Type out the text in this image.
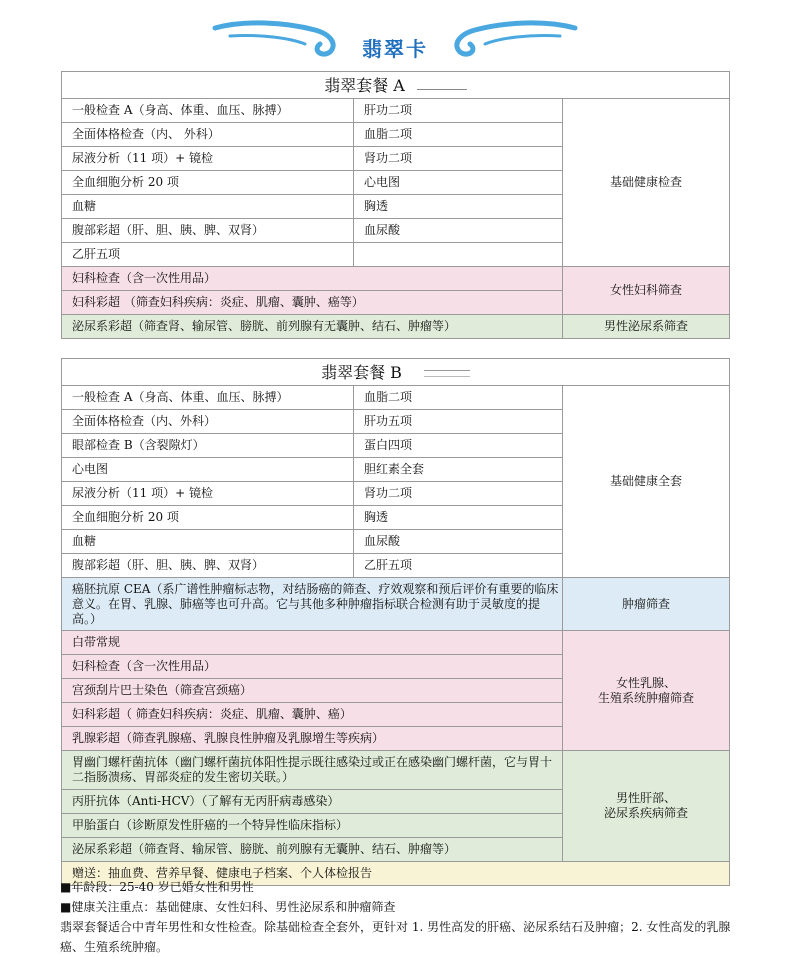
翡翠卡
翡翠套餐 A		
一般检查 A（身高、体重、血压、脉搏）	肝功二项	基础健康检查
全面体格检查（内、 外科）	血脂二项	
尿液分析（11 项）+ 镜检	肾功二项	
全血细胞分析 20 项	心电图	
血糖	胸透	
腹部彩超（肝、胆、胰、脾、双肾）	血尿酸	
乙肝五项		
妇科检查（含一次性用品）		女性妇科筛查
妇科彩超 （筛查妇科疾病：炎症、肌瘤、囊肿、癌等）		
泌尿系彩超（筛查肾、输尿管、膀胱、前列腺有无囊肿、结石、肿瘤等）		男性泌尿系筛查
翡翠套餐 B		
一般检查 A（身高、体重、血压、脉搏）	血脂二项	基础健康全套
全面体格检查（内、外科）	肝功五项	
眼部检查 B（含裂隙灯）	蛋白四项	
心电图	胆红素全套	
尿液分析（11 项）+ 镜检	肾功二项	
全血细胞分析 20 项	胸透	
血糖	血尿酸	
腹部彩超（肝、胆、胰、脾、双肾）	乙肝五项	
癌胚抗原 CEA（系广谱性肿瘤标志物，对结肠癌的筛查、疗效观察和预后评价有重要的临床意义。在胃、乳腺、肺癌等也可升高。它与其他多种肿瘤指标联合检测有助于灵敏度的提高。）		肿瘤筛查
白带常规		女性乳腺、
生殖系统肿瘤筛查
妇科检查（含一次性用品）		
宫颈刮片巴士染色（筛查宫颈癌）		
妇科彩超（ 筛查妇科疾病：炎症、肌瘤、囊肿、癌）		
乳腺彩超（筛查乳腺癌、乳腺良性肿瘤及乳腺增生等疾病）		
胃幽门螺杆菌抗体（幽门螺杆菌抗体阳性提示既往感染过或正在感染幽门螺杆菌，它与胃十二指肠溃疡、胃部炎症的发生密切关联。）		男性肝部、
泌尿系疾病筛查
丙肝抗体（Anti-HCV）（了解有无丙肝病毒感染）		
甲胎蛋白（诊断原发性肝癌的一个特异性临床指标）		
泌尿系彩超（筛查肾、输尿管、膀胱、前列腺有无囊肿、结石、肿瘤等）		
赠送：抽血费、营养早餐、健康电子档案、个人体检报告		

■年龄段：25-40 岁已婚女性和男性

■健康关注重点：基础健康、女性妇科、男性泌尿系和肿瘤筛查

翡翠套餐适合中青年男性和女性检查。除基础检查全套外，更针对 1. 男性高发的肝癌、泌尿系结石及肿瘤；2. 女性高发的乳腺癌、生殖系统肿瘤。
